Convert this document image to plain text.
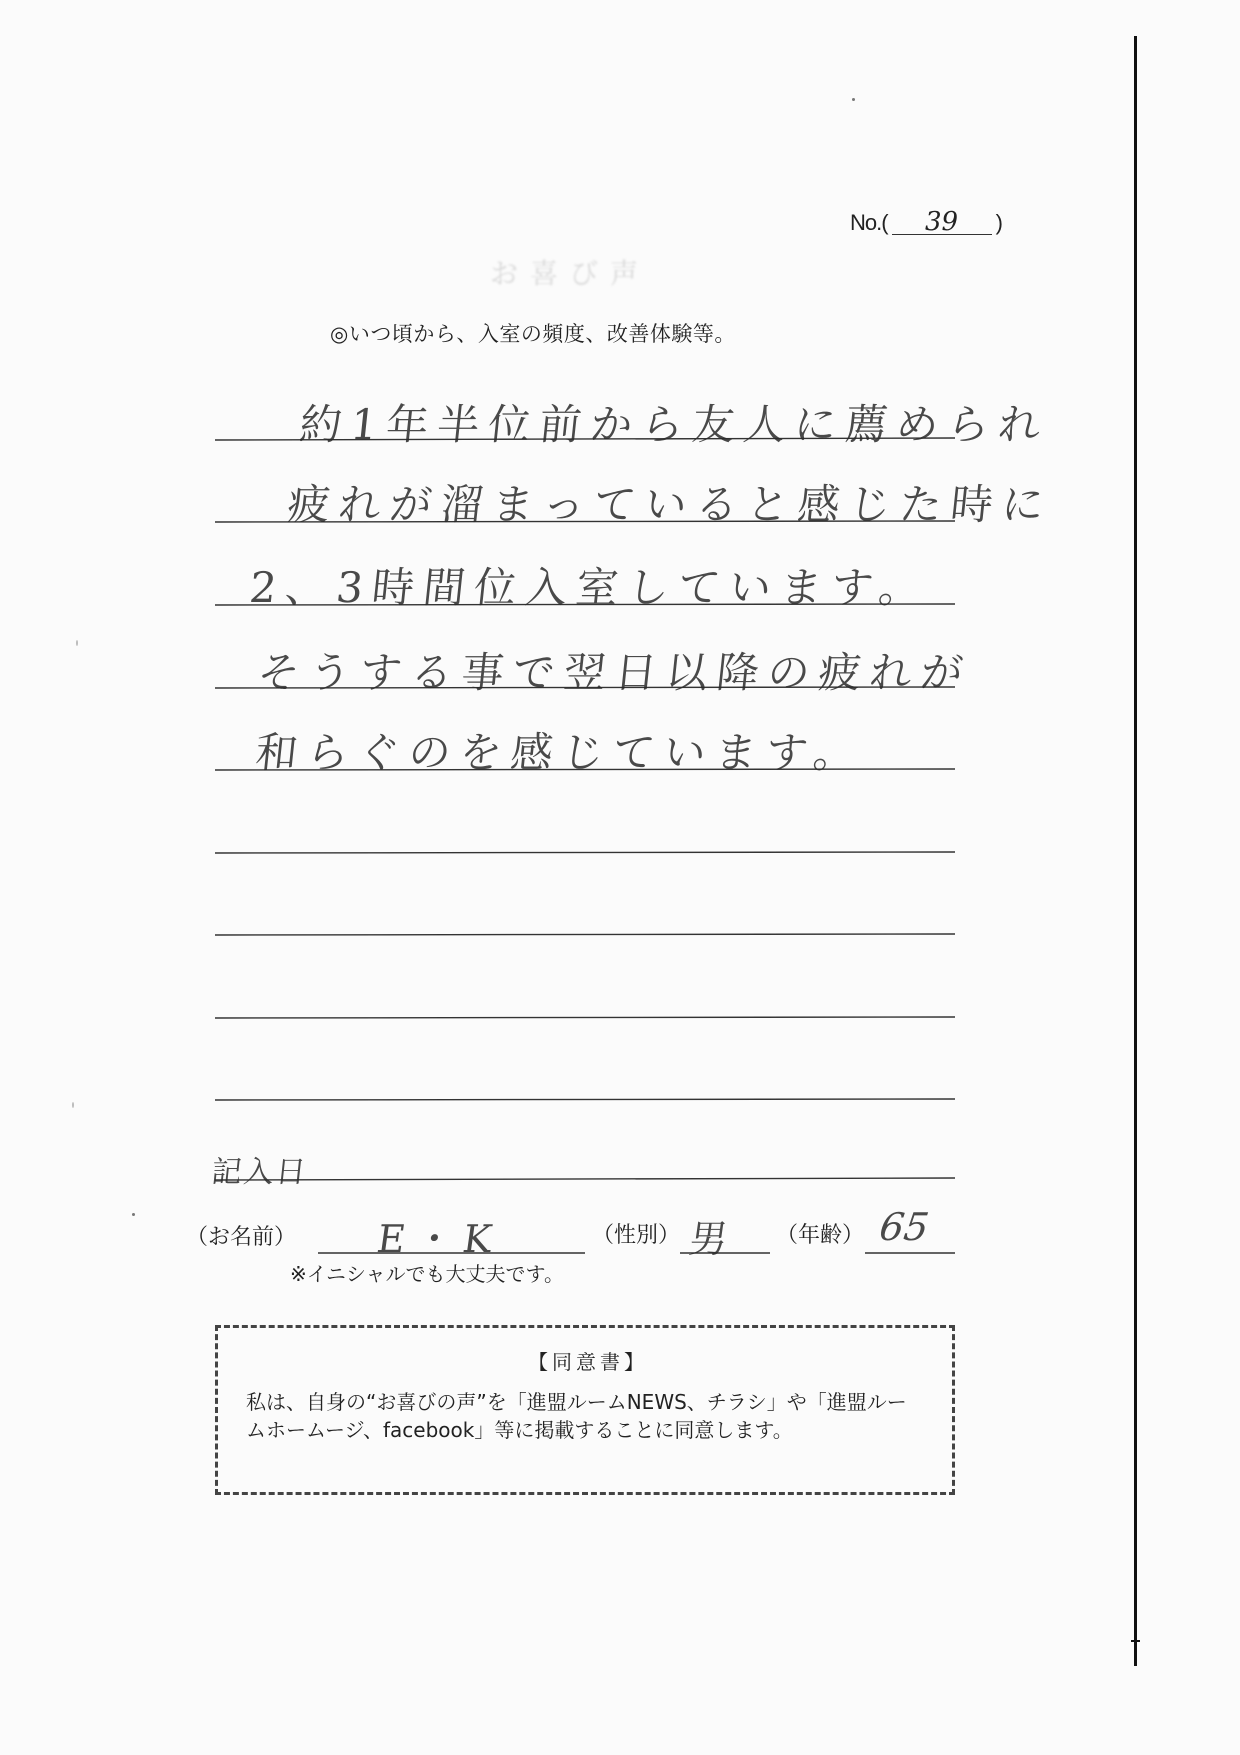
No.(	39	)
お喜び声
◎いつ頃から、入室の頻度、改善体験等。
約1年半位前から友人に薦められ
疲れが溜まっていると感じた時に
2、3時間位入室しています。
そうする事で翌日以降の疲れが
和らぐのを感じています。
記入日
（お名前） E・K	（性別） 男 （年齢） 65
※イニシャルでも大丈夫です。
【同意書】
私は、自身の“お喜びの声”を「進盟ルームNEWS、チラシ」や「進盟ルームホームージ、facebook」等に掲載することに同意します。
